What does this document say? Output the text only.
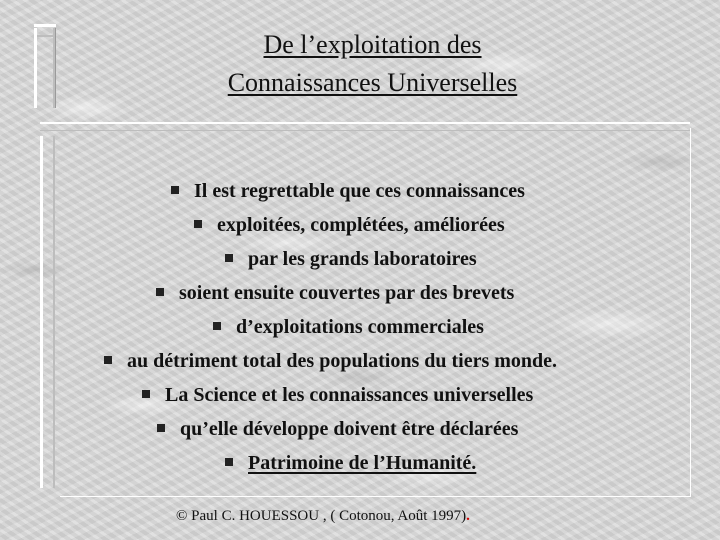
De l’exploitation des
Connaissances Universelles
Il est regrettable que ces connaissances
exploitées, complétées, améliorées
par les grands laboratoires
soient ensuite couvertes par des brevets
d’exploitations commerciales
au détriment total des populations du tiers monde.
La Science et les connaissances universelles
qu’elle développe doivent être déclarées
Patrimoine de l’Humanité.
© Paul C. HOUESSOU , ( Cotonou, Août 1997).
